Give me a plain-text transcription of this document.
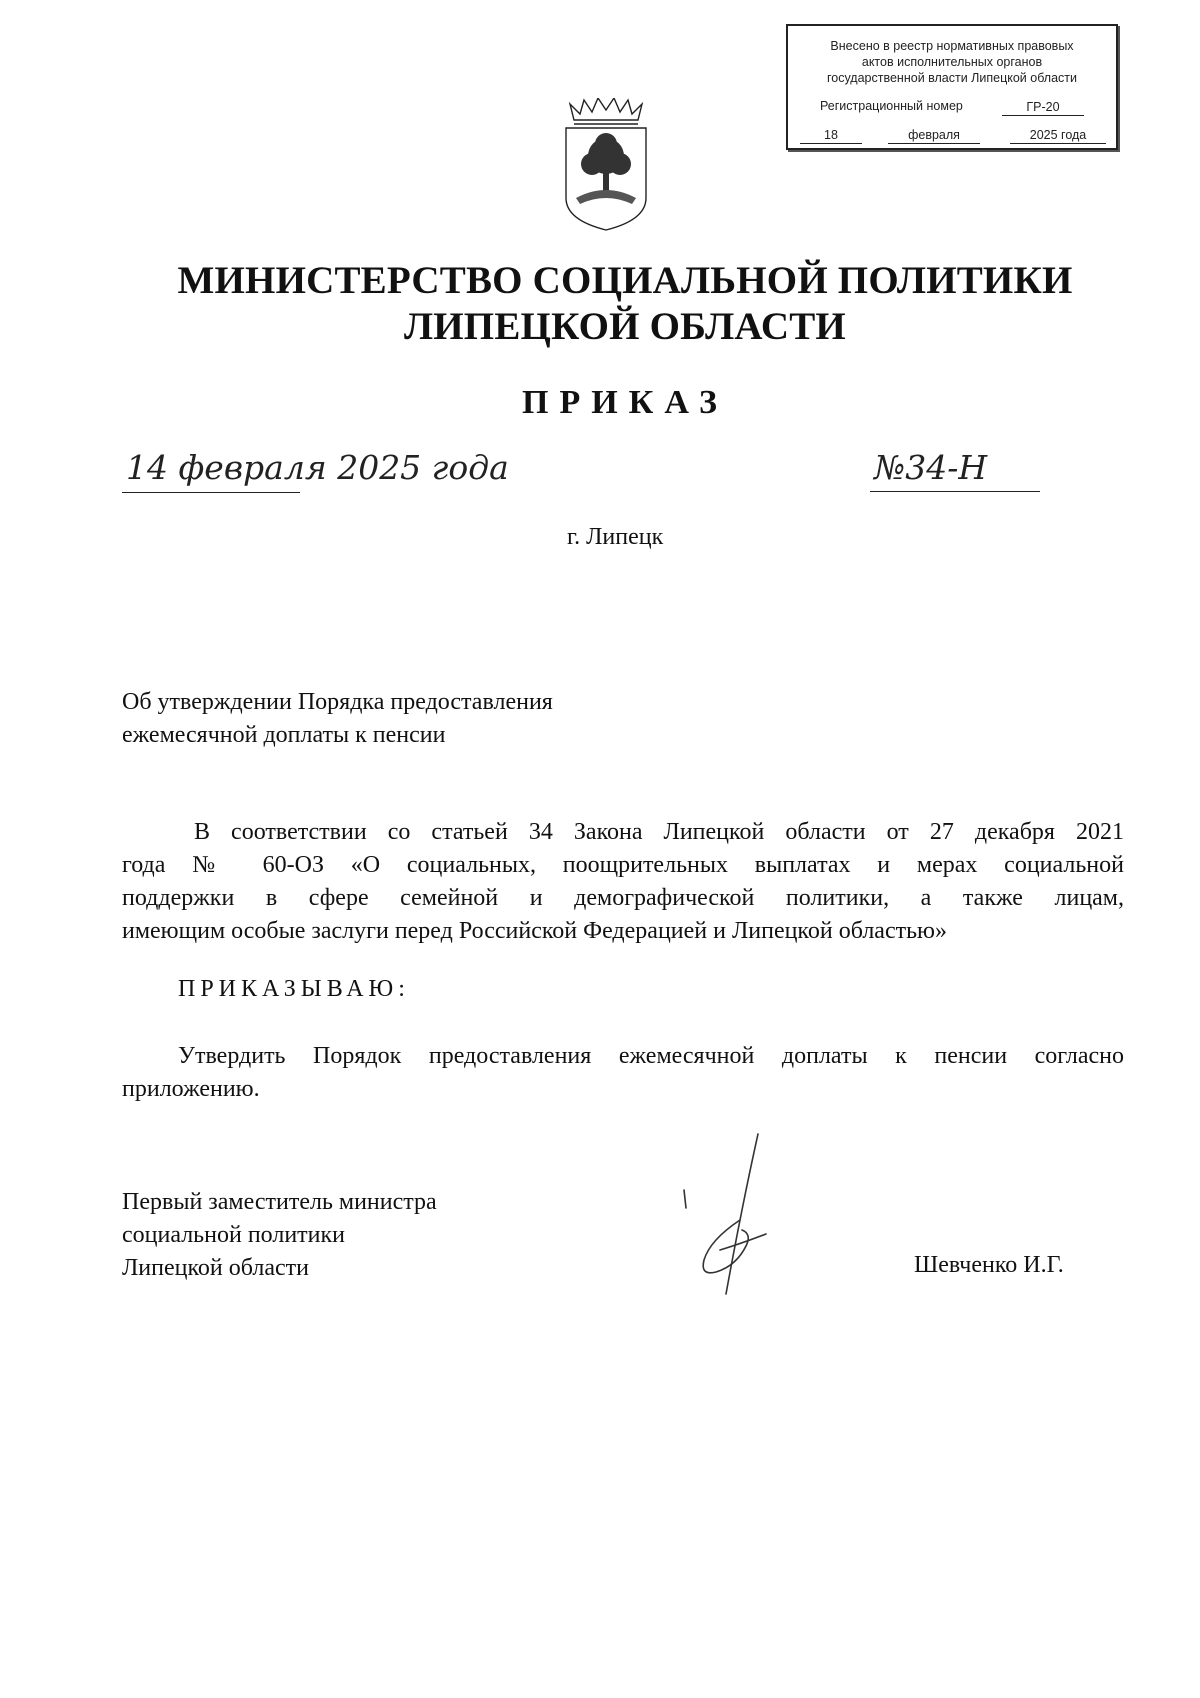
Внесено в реестр нормативных правовых
актов исполнительных органов
государственной власти Липецкой области
Регистрационный номер	ГР-20
18	февраля	2025 года
МИНИСТЕРСТВО СОЦИАЛЬНОЙ ПОЛИТИКИ
ЛИПЕЦКОЙ ОБЛАСТИ
ПРИКАЗ
14 февраля 2025 года	№34-Н
г. Липецк
Об утверждении Порядка предоставления
ежемесячной доплаты к пенсии
В соответствии со статьей 34 Закона Липецкой области от 27 декабря 2021
года № 60-ОЗ «О социальных, поощрительных выплатах и мерах социальной
поддержки в сфере семейной и демографической политики, а также лицам,
имеющим особые заслуги перед Российской Федерацией и Липецкой областью»
ПРИКАЗЫВАЮ:
Утвердить Порядок предоставления ежемесячной доплаты к пенсии согласно
приложению.
Первый заместитель министра
социальной политики
Липецкой области	Шевченко И.Г.
